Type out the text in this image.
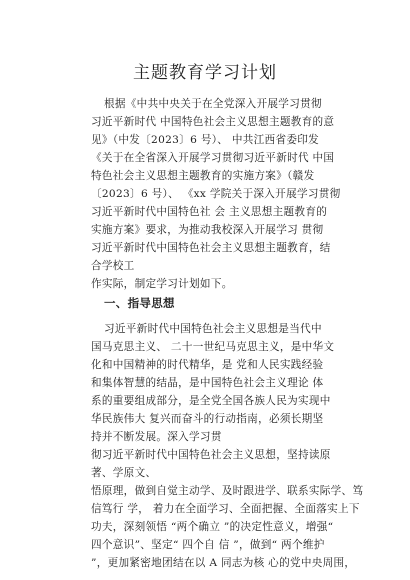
主题教育学习计划
根据《中共中央关于在全党深入开展学习贯彻
习近平新时代 中国特色社会主义思想主题教育的意
见》（中发〔2023〕6 号）、 中共江西省委印发
《关于在全省深入开展学习贯彻习近平新时代 中国
特色社会主义思想主题教育的实施方案》（赣发
〔2023〕6 号）、 《xx 学院关于深入开展学习贯彻
习近平新时代中国特色社 会 主义思想主题教育的
实施方案》要求，为推动我校深入开展学习 贯彻
习近平新时代中国特色社会主义思想主题教育，结
合学校工
作实际，制定学习计划如下。
一、指导思想
习近平新时代中国特色社会主义思想是当代中
国马克思主义、 二十一世纪马克思主义，是中华文
化和中国精神的时代精华，是 党和人民实践经验
和集体智慧的结晶，是中国特色社会主义理论 体
系的重要组成部分，是全党全国各族人民为实现中
华民族伟大 复兴而奋斗的行动指南，必须长期坚
持并不断发展。深入学习贯
彻习近平新时代中国特色社会主义思想，坚持读原
著、学原文、
悟原理，做到自觉主动学、及时跟进学、联系实际学、笃
信笃行 学， 着力在全面学习、全面把握、全面落实上下
功夫，深刻领悟 “两个确立 ”的决定性意义，增强“
四个意识”、坚定“ 四个自 信 ”，做到“ 两个维护
”，更加紧密地团结在以 A 同志为核 心的党中央周围，
